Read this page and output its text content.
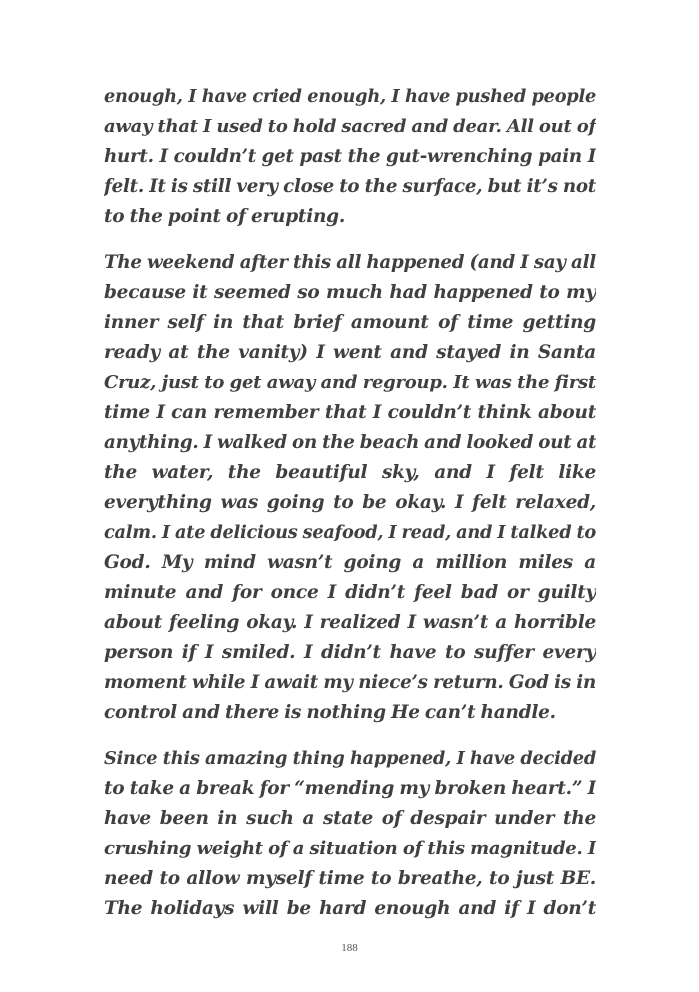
enough, I have cried enough, I have pushed people
away that I used to hold sacred and dear. All out of
hurt. I couldn’t get past the gut-wrenching pain I
felt. It is still very close to the surface, but it’s not
to the point of erupting.
The weekend after this all happened (and I say all
because it seemed so much had happened to my
inner self in that brief amount of time getting
ready at the vanity) I went and stayed in Santa
Cruz, just to get away and regroup. It was the first
time I can remember that I couldn’t think about
anything. I walked on the beach and looked out at
the water, the beautiful sky, and I felt like
everything was going to be okay. I felt relaxed,
calm. I ate delicious seafood, I read, and I talked to
God. My mind wasn’t going a million miles a
minute and for once I didn’t feel bad or guilty
about feeling okay. I realized I wasn’t a horrible
person if I smiled. I didn’t have to suffer every
moment while I await my niece’s return. God is in
control and there is nothing He can’t handle.
Since this amazing thing happened, I have decided
to take a break for “mending my broken heart.” I
have been in such a state of despair under the
crushing weight of a situation of this magnitude. I
need to allow myself time to breathe, to just BE.
The holidays will be hard enough and if I don’t
188
